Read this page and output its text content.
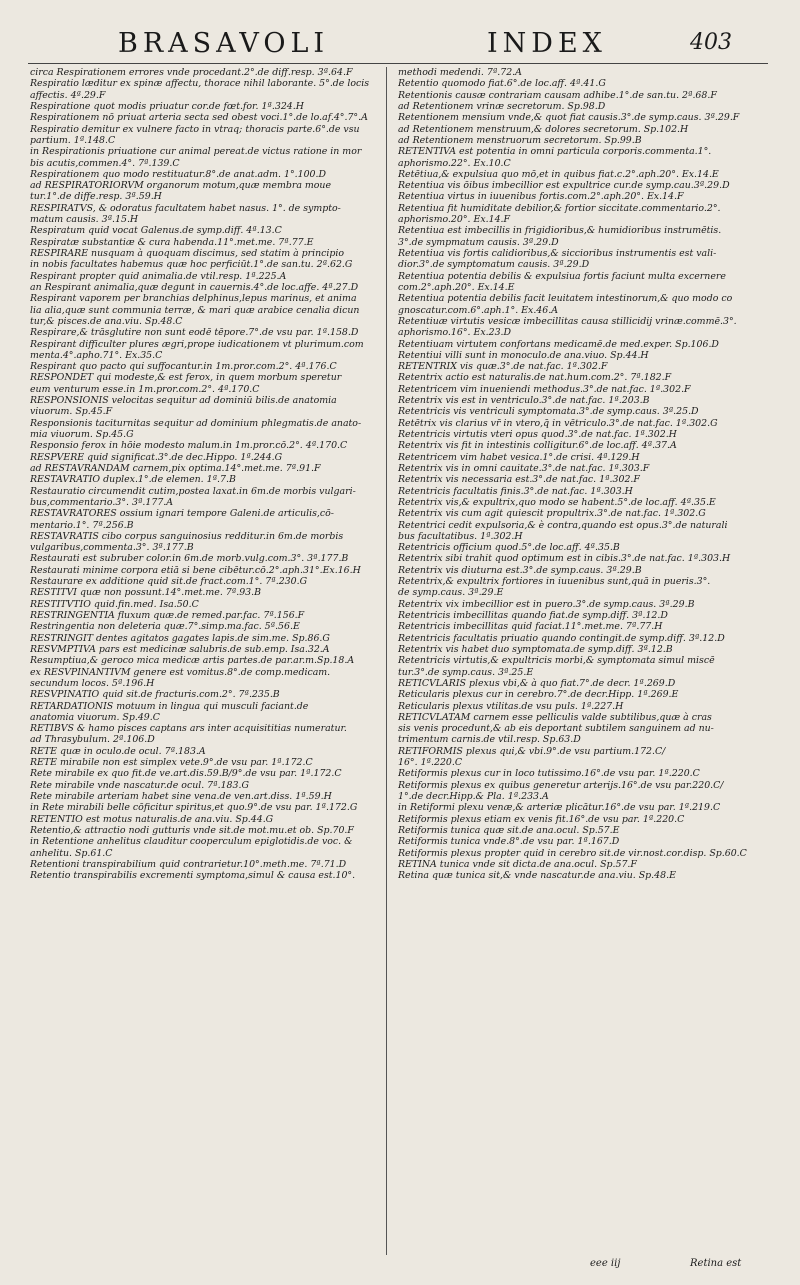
BRASAVOLI	INDEX	403
circa Respirationem errores vnde procedant.2°.de diff.resp. 3ª.64.F
Respiratio læditur ex spinæ affectu, thorace nihil laborante. 5°.de locis
affectis. 4ª.29.F
Respiratione quot modis priuatur cor.de fœt.for. 1ª.324.H
Respirationem nō priuat arteria secta sed obest voci.1°.de lo.af.4°.7°.A
Respiratio demitur ex vulnere facto in vtraq; thoracis parte.6°.de vsu
partium. 1ª.148.C
in Respirationis priuatione cur animal pereat.de victus ratione in mor
bis acutis,commen.4°. 7ª.139.C
Respirationem quo modo restituatur.8°.de anat.adm. 1°.100.D
ad RESPIRATORIORVM organorum motum,quæ membra moue
tur.1°.de diffe.resp. 3ª.59.H
RESPIRATVS, & odoratus facultatem habet nasus. 1°. de sympto-
matum causis. 3ª.15.H
Respiratum quid vocat Galenus.de symp.diff. 4ª.13.C
Respiratæ substantiæ & cura habenda.11°.met.me. 7ª.77.E
RESPIRARE nusquam à quoquam discimus, sed statim à principio
in nobis facultates habemus quæ hoc perficiūt.1°.de san.tu. 2ª.62.G
Respirant propter quid animalia.de vtil.resp. 1ª.225.A
an Respirant animalia,quæ degunt in cauernis.4°.de loc.affe. 4ª.27.D
Respirant vaporem per branchias delphinus,lepus marinus, et anima
lia alia,quæ sunt communia terræ, & mari quæ arabice cenalia dicun
tur,& pisces.de ana.viu. Sp.48.C
Respirare,& trāsglutire non sunt eodē tēpore.7°.de vsu par. 1ª.158.D
Respirant difficulter plures ægri,prope iudicationem vt plurimum.com
menta.4°.apho.71°. Ex.35.C
Respirant quo pacto qui suffocantur.in 1m.pror.com.2°. 4ª.176.C
RESPONDET qui modeste,& est ferox, in quem morbum speretur
eum venturum esse.in 1m.pror.com.2°. 4ª.170.C
RESPONSIONIS velocitas sequitur ad dominiū bilis.de anatomia
viuorum. Sp.45.F
Responsionis taciturnitas sequitur ad dominium phlegmatis.de anato-
mia viuorum. Sp.45.G
Responsio ferox in hōie modesto malum.in 1m.pror.cō.2°. 4ª.170.C
RESPVERE quid significat.3°.de dec.Hippo. 1ª.244.G
ad RESTAVRANDAM carnem,pix optima.14°.met.me. 7ª.91.F
RESTAVRATIO duplex.1°.de elemen. 1ª.7.B
Restauratio circumendit cutim,postea laxat.in 6m.de morbis vulgari-
bus,commentario.3°. 3ª.177.A
RESTAVRATORES ossium ignari tempore Galeni.de articulis,cō-
mentario.1°. 7ª.256.B
RESTAVRATIS cibo corpus sanguinosius redditur.in 6m.de morbis
vulgaribus,commenta.3°. 3ª.177.B
Restaurati est subruber color.in 6m.de morb.vulg.com.3°. 3ª.177.B
Restaurati minime corpora etiā si bene cibētur.cō.2°.aph.31°.Ex.16.H
Restaurare ex additione quid sit.de fract.com.1°. 7ª.230.G
RESTITVI quæ non possunt.14°.met.me. 7ª.93.B
RESTITVTIO quid.fin.med. Isa.50.C
RESTRINGENTIA fluxum quæ.de remed.par.fac. 7ª.156.F
Restringentia non deleteria quæ.7°.simp.ma.fac. 5ª.56.E
RESTRINGIT dentes agitatos gagates lapis.de sim.me. Sp.86.G
RESVMPTIVA pars est medicinæ salubris.de sub.emp. Isa.32.A
Resumptiua,& geroco mica medicæ artis partes.de par.ar.m.Sp.18.A
ex RESVPINANTIVM genere est vomitus.8°.de comp.medicam.
secundum locos. 5ª.196.H
RESVPINATIO quid sit.de fracturis.com.2°. 7ª.235.B
RETARDATIONIS motuum in lingua qui musculi faciant.de
anatomia viuorum. Sp.49.C
RETIBVS & hamo pisces captans ars inter acquisititias numeratur.
ad Thrasybulum. 2ª.106.D
RETE quæ in oculo.de ocul. 7ª.183.A
RETE mirabile non est simplex vete.9°.de vsu par. 1ª.172.C
Rete mirabile ex quo fit.de ve.art.dis.59.B/9°.de vsu par. 1ª.172.C
Rete mirabile vnde nascatur.de ocul. 7ª.183.G
Rete mirabile arteriam habet sine vena.de ven.art.diss. 1ª.59.H
in Rete mirabili belle cōficitur spiritus,et quo.9°.de vsu par. 1ª.172.G
RETENTIO est motus naturalis.de ana.viu. Sp.44.G
Retentio,& attractio nodi gutturis vnde sit.de mot.mu.et ob. Sp.70.F
in Retentione anhelitus clauditur cooperculum epiglotidis.de voc. &
anhelitu. Sp.61.C
Retentioni transpirabilium quid contrarietur.10°.meth.me. 7ª.71.D
Retentio transpirabilis excrementi symptoma,simul & causa est.10°.
methodi medendi. 7ª.72.A
Retentio quomodo fiat.6°.de loc.aff. 4ª.41.G
Retentionis causæ contrariam causam adhibe.1°.de san.tu. 2ª.68.F
ad Retentionem vrinæ secretorum. Sp.98.D
Retentionem mensium vnde,& quot fiat causis.3°.de symp.caus. 3ª.29.F
ad Retentionem menstruum,& dolores secretorum. Sp.102.H
ad Retentionem menstruorum secretorum. Sp.99.B
RETENTIVA est potentia in omni particula corporis.commenta.1°.
aphorismo.22°. Ex.10.C
Retētiua,& expulsiua quo mō,et in quibus fiat.c.2°.aph.20°. Ex.14.E
Retentiua vis ōibus imbecillior est expultrice cur.de symp.cau.3ª.29.D
Retentiua virtus in iuuenibus fortis.com.2°.aph.20°. Ex.14.F
Retentiua fit humiditate debilior,& fortior siccitate.commentario.2°.
aphorismo.20°. Ex.14.F
Retentiua est imbecillis in frigidioribus,& humidioribus instrumētis.
3°.de sympmatum causis. 3ª.29.D
Retentiua vis fortis calidioribus,& siccioribus instrumentis est vali-
dior.3°.de symptomatum causis. 3ª.29.D
Retentiua potentia debilis & expulsiua fortis faciunt multa excernere
com.2°.aph.20°. Ex.14.E
Retentiua potentia debilis facit leuitatem intestinorum,& quo modo co
gnoscatur.com.6°.aph.1°. Ex.46.A
Retentiuæ virtutis vesicæ imbecillitas causa stillicidij vrinæ.commē.3°.
aphorismo.16°. Ex.23.D
Retentiuam virtutem confortans medicamē.de med.exper. Sp.106.D
Retentiui villi sunt in monoculo.de ana.viuo. Sp.44.H
RETENTRIX vis quæ.3°.de nat.fac. 1ª.302.F
Retentrix actio est naturalis.de nat.hum.com.2°. 7ª.182.F
Retentricem vim inueniendi methodus.3°.de nat.fac. 1ª.302.F
Retentrix vis est in ventriculo.3°.de nat.fac. 1ª.203.B
Retentricis vis ventriculi symptomata.3°.de symp.caus. 3ª.25.D
Retētrix vis clarius vr̄ in vtero,q̄ in vētriculo.3°.de nat.fac. 1ª.302.G
Retentricis virtutis vteri opus quod.3°.de nat.fac. 1ª.302.H
Retentrix vis fit in intestinis colligitur.6°.de loc.aff. 4ª.37.A
Retentricem vim habet vesica.1°.de crisi. 4ª.129.H
Retentrix vis in omni cauitate.3°.de nat.fac. 1ª.303.F
Retentrix vis necessaria est.3°.de nat.fac. 1ª.302.F
Retentricis facultatis finis.3°.de nat.fac. 1ª.303.H
Retentrix vis,& expultrix,quo modo se habent.5°.de loc.aff. 4ª.35.E
Retentrix vis cum agit quiescit propultrix.3°.de nat.fac. 1ª.302.G
Retentrici cedit expulsoria,& è contra,quando est opus.3°.de naturali
bus facultatibus. 1ª.302.H
Retentricis officium quod.5°.de loc.aff. 4ª.35.B
Retentrix sibi trahit quod optimum est in cibis.3°.de nat.fac. 1ª.303.H
Retentrix vis diuturna est.3°.de symp.caus. 3ª.29.B
Retentrix,& expultrix fortiores in iuuenibus sunt,quā in pueris.3°.
de symp.caus. 3ª.29.E
Retentrix vix imbecillior est in puero.3°.de symp.caus. 3ª.29.B
Retentricis imbecillitas quando fiat.de symp.diff. 3ª.12.D
Retentricis imbecillitas quid faciat.11°.met.me. 7ª.77.H
Retentricis facultatis priuatio quando contingit.de symp.diff. 3ª.12.D
Retentrix vis habet duo symptomata.de symp.diff. 3ª.12.B
Retentricis virtutis,& expultricis morbi,& symptomata simul miscē
tur.3°.de symp.caus. 3ª.25.E
RETICVLARIS plexus vbi,& à quo fiat.7°.de decr. 1ª.269.D
Reticularis plexus cur in cerebro.7°.de decr.Hipp. 1ª.269.E
Reticularis plexus vtilitas.de vsu puls. 1ª.227.H
RETICVLATAM carnem esse pelliculis valde subtilibus,quæ à cras
sis venis procedunt,& ab eis deportant subtilem sanguinem ad nu-
trimentum carnis.de vtil.resp. Sp.63.D
RETIFORMIS plexus qui,& vbi.9°.de vsu partium.172.C/
16°. 1ª.220.C
Retiformis plexus cur in loco tutissimo.16°.de vsu par. 1ª.220.C
Retiformis plexus ex quibus generetur arterijs.16°.de vsu par.220.C/
1°.de decr.Hipp.& Pla. 1ª.233.A
in Retiformi plexu venæ,& arteriæ plicātur.16°.de vsu par. 1ª.219.C
Retiformis plexus etiam ex venis fit.16°.de vsu par. 1ª.220.C
Retiformis tunica quæ sit.de ana.ocul. Sp.57.E
Retiformis tunica vnde.8°.de vsu par. 1ª.167.D
Retiformis plexus propter quid in cerebro sit.de vir.nost.cor.disp. Sp.60.C
RETINA tunica vnde sit dicta.de ana.ocul. Sp.57.F
Retina quæ tunica sit,& vnde nascatur.de ana.viu. Sp.48.E
eee iij	Retina est
